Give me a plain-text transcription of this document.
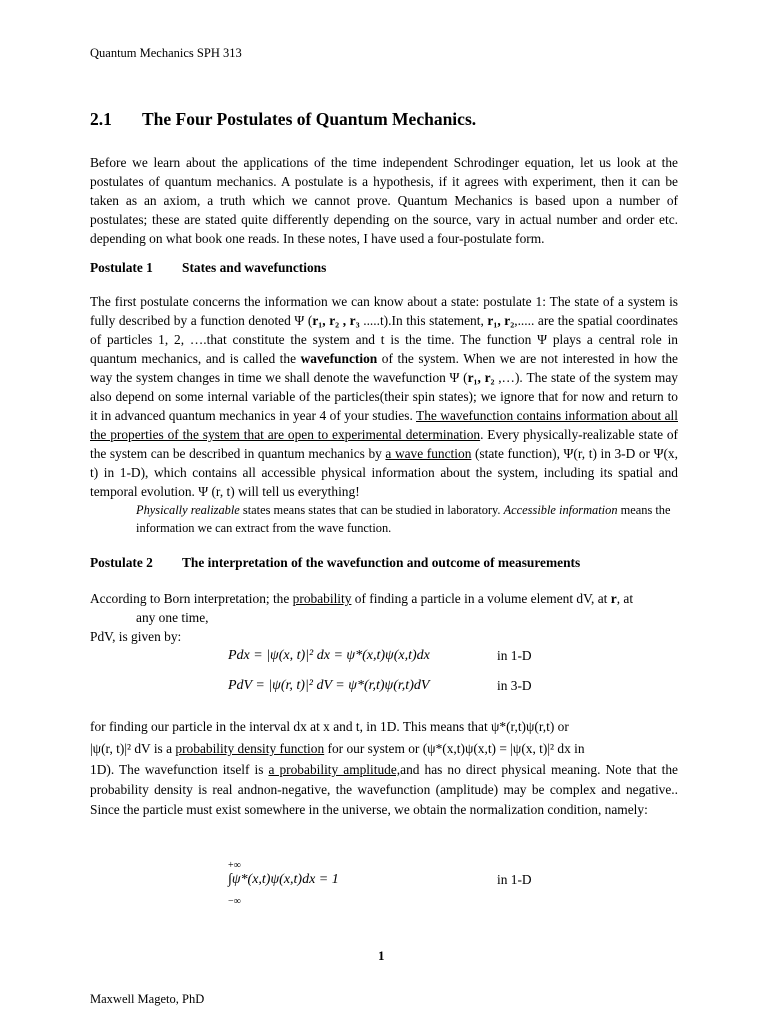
Quantum Mechanics SPH 313
2.1 The Four Postulates of Quantum Mechanics.

Before we learn about the applications of the time independent Schrodinger equation, let us look at the postulates of quantum mechanics. A postulate is a hypothesis, if it agrees with experiment, then it can be taken as an axiom, a truth which we cannot prove. Quantum Mechanics is based upon a number of postulates; these are stated quite differently depending on the source, vary in actual number and order etc. depending on what book one reads. In these notes, I have used a four-postulate form.

Postulate 1 States and wavefunctions

The first postulate concerns the information we can know about a state: postulate 1: The state of a system is fully described by a function denoted Ψ (r₁, r₂ , r₃ .....t).In this statement, r₁, r₂,..... are the spatial coordinates of particles 1, 2, ….that constitute the system and t is the time. The function Ψ plays a central role in quantum mechanics, and is called the wavefunction of the system. When we are not interested in how the way the system changes in time we shall denote the wavefunction Ψ (r₁, r₂ ,…). The state of the system may also depend on some internal variable of the particles(their spin states); we ignore that for now and return to it in advanced quantum mechanics in year 4 of your studies. The wavefunction contains information about all the properties of the system that are open to experimental determination. Every physically-realizable state of the system can be described in quantum mechanics by a wave function (state function), Ψ(r, t) in 3-D or Ψ(x, t) in 1-D), which contains all accessible physical information about the system, including its spatial and temporal evolution. Ψ (r, t) will tell us everything!

Physically realizable states means states that can be studied in laboratory. Accessible information means the information we can extract from the wave function.
Postulate 2 The interpretation of the wavefunction and outcome of measurements

According to Born interpretation; the probability of finding a particle in a volume element dV, at r, at

any one time,
PdV, is given by:
Pdx = |ψ(x, t)|² dx = ψ*(x,t)ψ(x,t)dx	in 1-D
PdV = |ψ(r, t)|² dV = ψ*(r,t)ψ(r,t)dV	in 3-D

for finding our particle in the interval dx at x and t, in 1D. This means that ψ*(r,t)ψ(r,t) or

|ψ(r, t)|² dV is a probability density function for our system or (ψ*(x,t)ψ(x,t) = |ψ(x, t)|² dx in

1D). The wavefunction itself is a probability amplitude,and has no direct physical meaning. Note that the probability density is real andnon-negative, the wavefunction (amplitude) may be complex and negative.. Since the particle must exist somewhere in the universe, we obtain the normalization condition, namely:

+∞
∫ψ*(x,t)ψ(x,t)dx = 1
−∞
in 1-D
1
Maxwell Mageto, PhD
